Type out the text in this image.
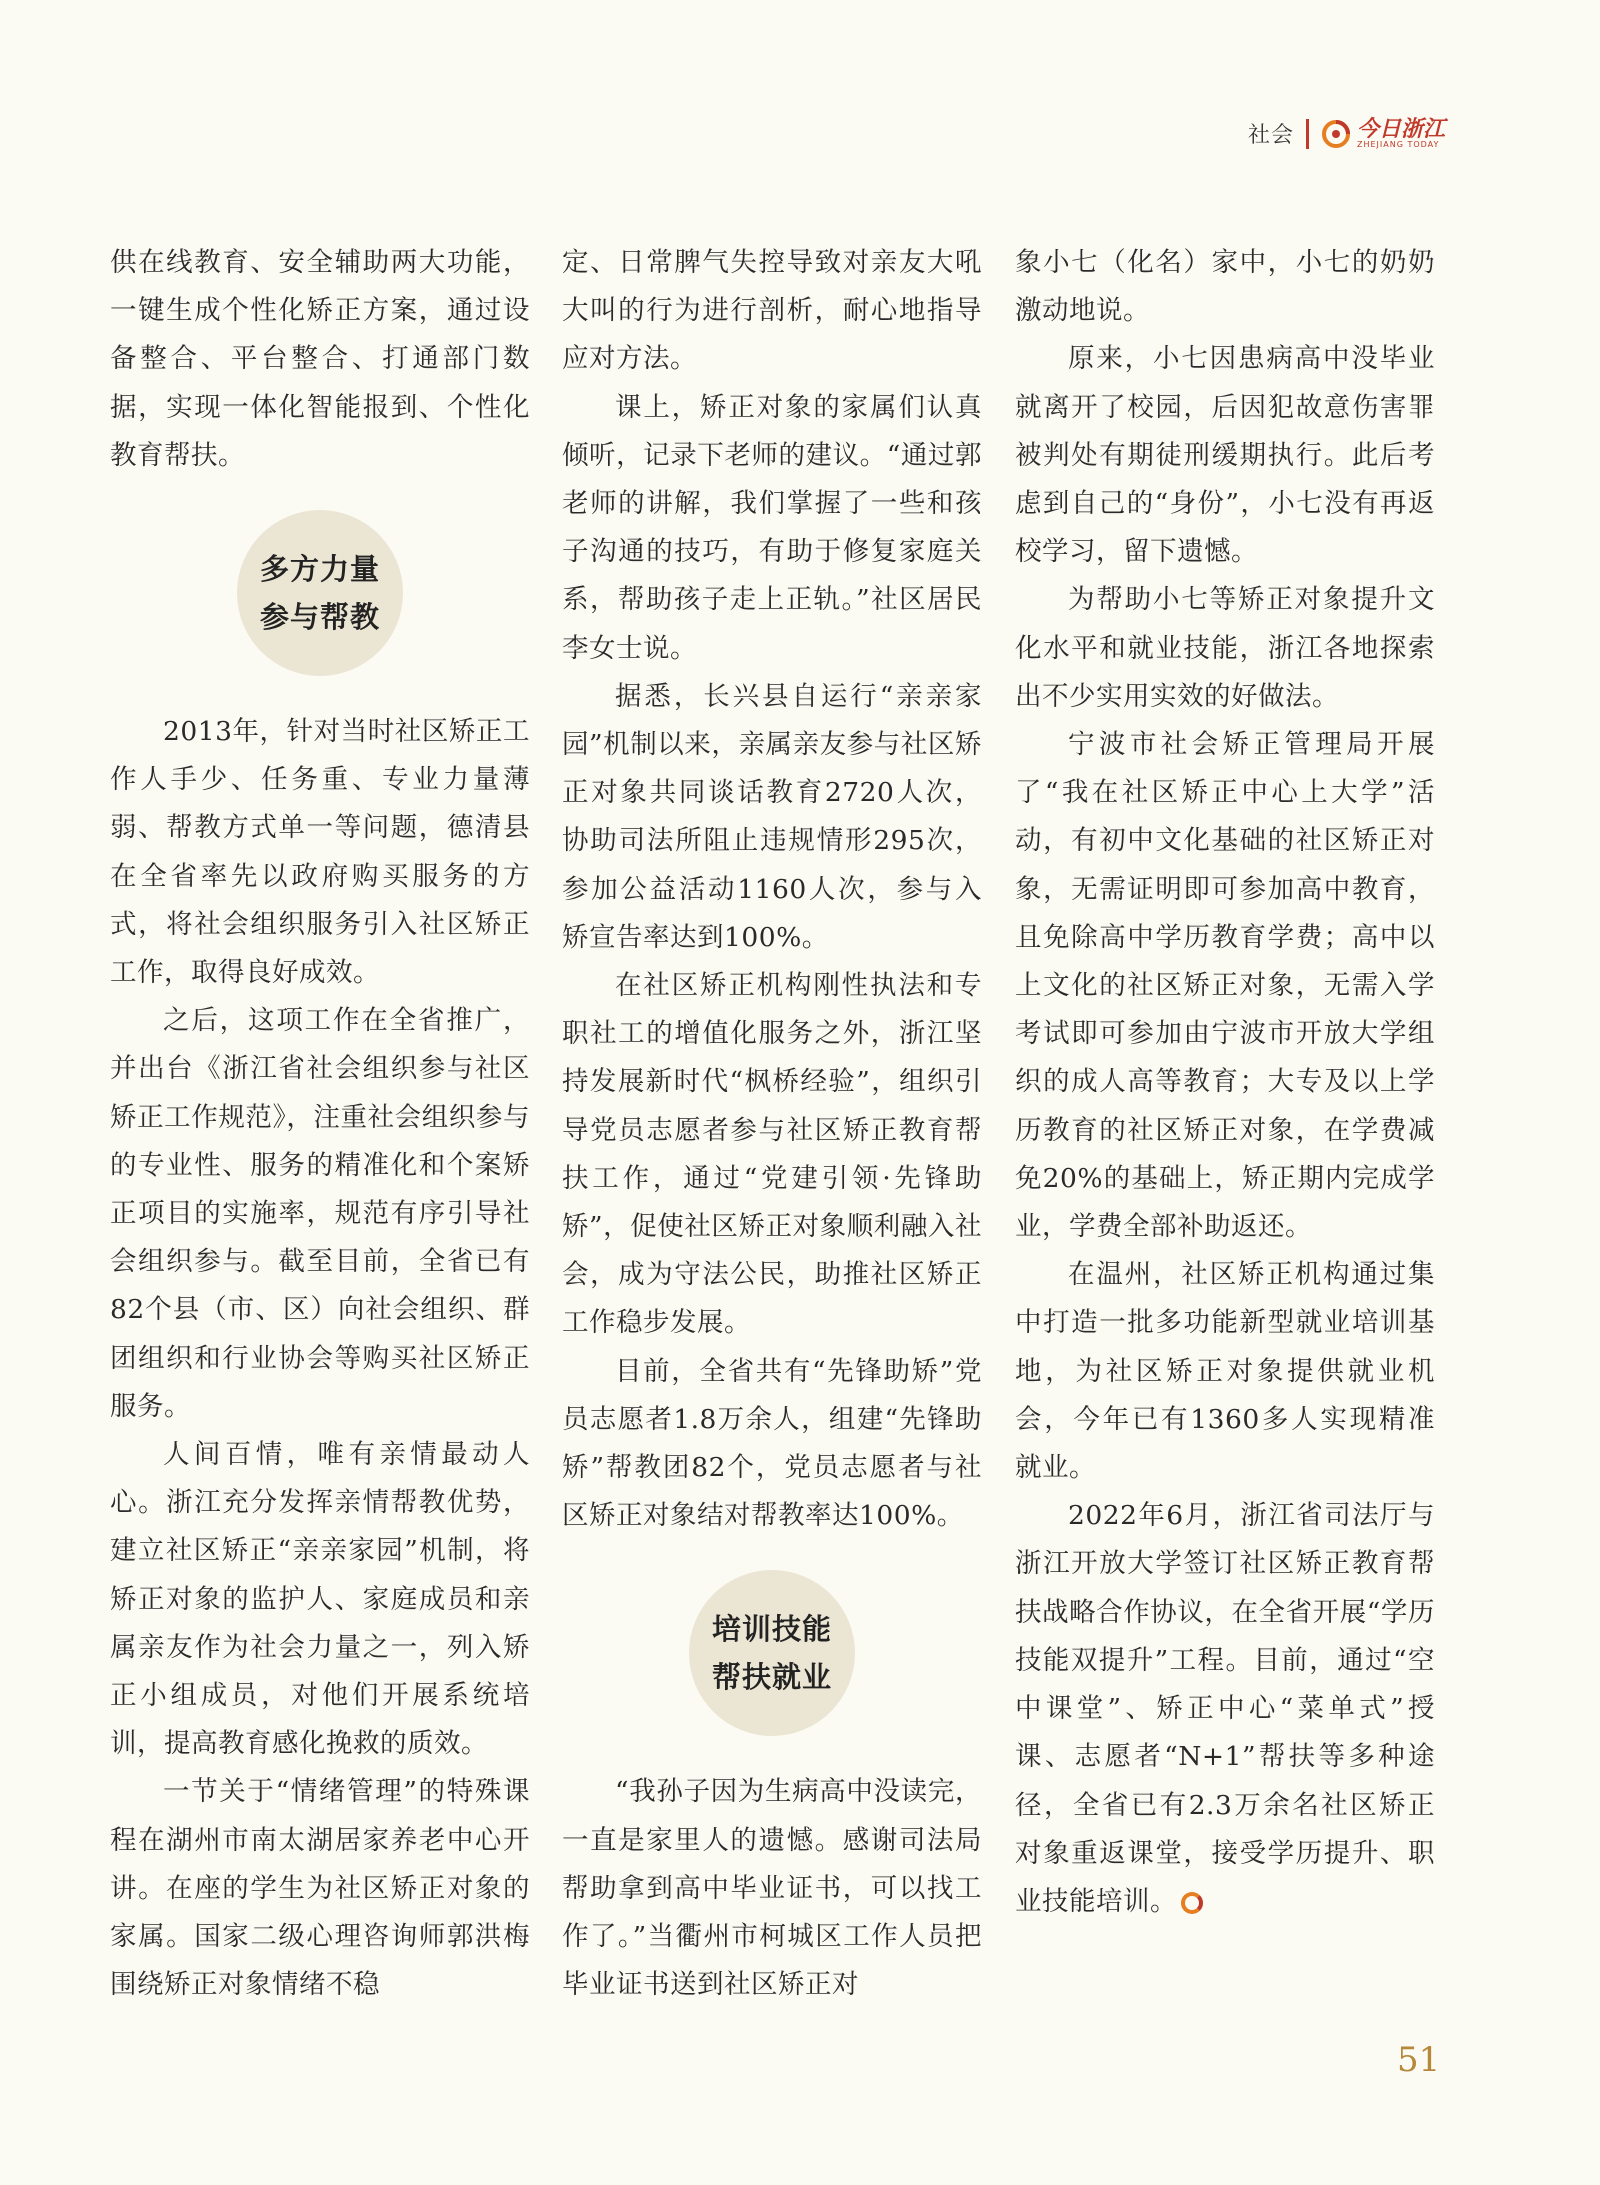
社会	今日浙江
ZHEJIANG TODAY

供在线教育、安全辅助两大功能，一键生成个性化矫正方案，通过设备整合、平台整合、打通部门数据，实现一体化智能报到、个性化教育帮扶。

多方力量
参与帮教

2013年，针对当时社区矫正工作人手少、任务重、专业力量薄弱、帮教方式单一等问题，德清县在全省率先以政府购买服务的方式，将社会组织服务引入社区矫正工作，取得良好成效。

之后，这项工作在全省推广，并出台《浙江省社会组织参与社区矫正工作规范》，注重社会组织参与的专业性、服务的精准化和个案矫正项目的实施率，规范有序引导社会组织参与。截至目前，全省已有82个县（市、区）向社会组织、群团组织和行业协会等购买社区矫正服务。

人间百情，唯有亲情最动人心。浙江充分发挥亲情帮教优势，建立社区矫正“亲亲家园”机制，将矫正对象的监护人、家庭成员和亲属亲友作为社会力量之一，列入矫正小组成员，对他们开展系统培训，提高教育感化挽救的质效。

一节关于“情绪管理”的特殊课程在湖州市南太湖居家养老中心开讲。在座的学生为社区矫正对象的家属。国家二级心理咨询师郭洪梅围绕矫正对象情绪不稳

定、日常脾气失控导致对亲友大吼大叫的行为进行剖析，耐心地指导应对方法。

课上，矫正对象的家属们认真倾听，记录下老师的建议。“通过郭老师的讲解，我们掌握了一些和孩子沟通的技巧，有助于修复家庭关系，帮助孩子走上正轨。”社区居民李女士说。

据悉，长兴县自运行“亲亲家园”机制以来，亲属亲友参与社区矫正对象共同谈话教育2720人次，协助司法所阻止违规情形295次，参加公益活动1160人次，参与入矫宣告率达到100%。

在社区矫正机构刚性执法和专职社工的增值化服务之外，浙江坚持发展新时代“枫桥经验”，组织引导党员志愿者参与社区矫正教育帮扶工作，通过“党建引领·先锋助矫”，促使社区矫正对象顺利融入社会，成为守法公民，助推社区矫正工作稳步发展。

目前，全省共有“先锋助矫”党员志愿者1.8万余人，组建“先锋助矫”帮教团82个，党员志愿者与社区矫正对象结对帮教率达100%。

培训技能
帮扶就业

“我孙子因为生病高中没读完，一直是家里人的遗憾。感谢司法局帮助拿到高中毕业证书，可以找工作了。”当衢州市柯城区工作人员把毕业证书送到社区矫正对

象小七（化名）家中，小七的奶奶激动地说。

原来，小七因患病高中没毕业就离开了校园，后因犯故意伤害罪被判处有期徒刑缓期执行。此后考虑到自己的“身份”，小七没有再返校学习，留下遗憾。

为帮助小七等矫正对象提升文化水平和就业技能，浙江各地探索出不少实用实效的好做法。

宁波市社会矫正管理局开展了“我在社区矫正中心上大学”活动，有初中文化基础的社区矫正对象，无需证明即可参加高中教育，且免除高中学历教育学费；高中以上文化的社区矫正对象，无需入学考试即可参加由宁波市开放大学组织的成人高等教育；大专及以上学历教育的社区矫正对象，在学费减免20%的基础上，矫正期内完成学业，学费全部补助返还。

在温州，社区矫正机构通过集中打造一批多功能新型就业培训基地，为社区矫正对象提供就业机会，今年已有1360多人实现精准就业。

2022年6月，浙江省司法厅与浙江开放大学签订社区矫正教育帮扶战略合作协议，在全省开展“学历技能双提升”工程。目前，通过“空中课堂”、矫正中心“菜单式”授课、志愿者“N+1”帮扶等多种途径，全省已有2.3万余名社区矫正对象重返课堂，接受学历提升、职业技能培训。

51
